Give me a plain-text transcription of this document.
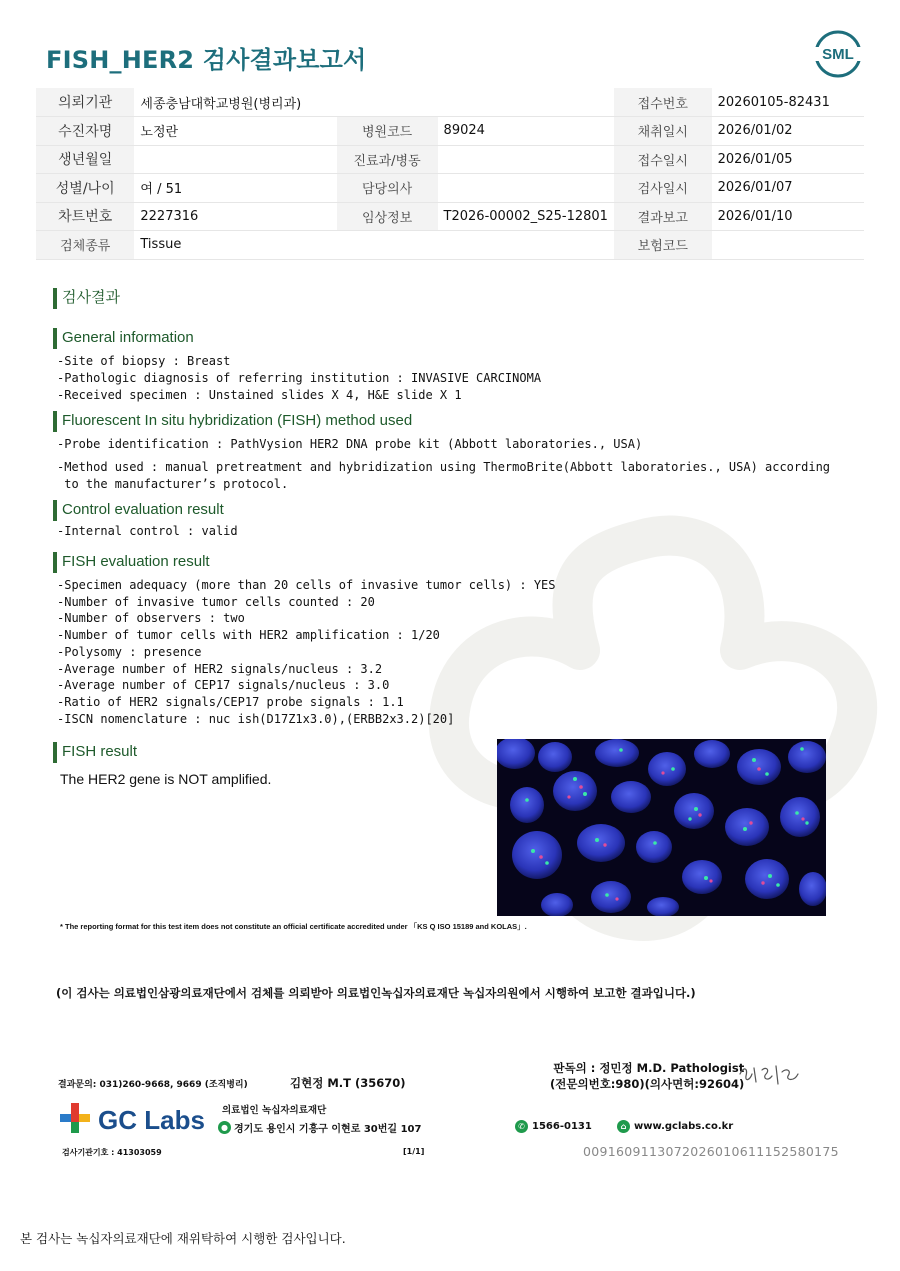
FISH_HER2 검사결과보고서	SML
의뢰기관	세종충남대학교병원(병리과)			접수번호	20260105-82431
수진자명	노정란	병원코드	89024	채취일시	2026/01/02
생년월일		진료과/병동		접수일시	2026/01/05
성별/나이	여 / 51	담당의사		검사일시	2026/01/07
차트번호	2227316	임상정보	T2026-00002_S25-12801	결과보고	2026/01/10
검체종류	Tissue			보험코드	
검사결과
General information
-Site of biopsy : Breast
-Pathologic diagnosis of referring institution : INVASIVE CARCINOMA
-Received specimen : Unstained slides X 4, H&E slide X 1
Fluorescent In situ hybridization (FISH) method used
-Probe identification : PathVysion HER2 DNA probe kit (Abbott laboratories., USA)
-Method used : manual pretreatment and hybridization using ThermoBrite(Abbott laboratories., USA) according
to the manufacturer’s protocol.
Control evaluation result
-Internal control : valid
FISH evaluation result
-Specimen adequacy (more than 20 cells of invasive tumor cells) : YES
-Number of invasive tumor cells counted : 20
-Number of observers : two
-Number of tumor cells with HER2 amplification : 1/20
-Polysomy : presence
-Average number of HER2 signals/nucleus : 3.2
-Average number of CEP17 signals/nucleus : 3.0
-Ratio of HER2 signals/CEP17 probe signals : 1.1
-ISCN nomenclature : nuc ish(D17Z1x3.0),(ERBB2x3.2)[20]
FISH result
The HER2 gene is NOT amplified.
* The reporting format for this test item does not constitute an official certificate accredited under 「KS Q ISO 15189 and KOLAS」.
(이 검사는 의료법인삼광의료재단에서 검체를 의뢰받아 의료법인녹십자의료재단 녹십자의원에서 시행하여 보고한 결과입니다.)
결과문의: 031)260-9668, 9669 (조직병리)	김현정 M.T (35670)
판독의 : 정민정 M.D. Pathologist
(전문의번호:980)(의사면허:92604)
GC Labs 의료법인 녹십자의료재단
● 경기도 용인시 기흥구 이현로 30번길 107	✆ 1566-0131	⌂ www.gclabs.co.kr
검사기관기호 : 41303059	[1/1]	0091609113072026010611152580175
본 검사는 녹십자의료재단에 재위탁하여 시행한 검사입니다.
